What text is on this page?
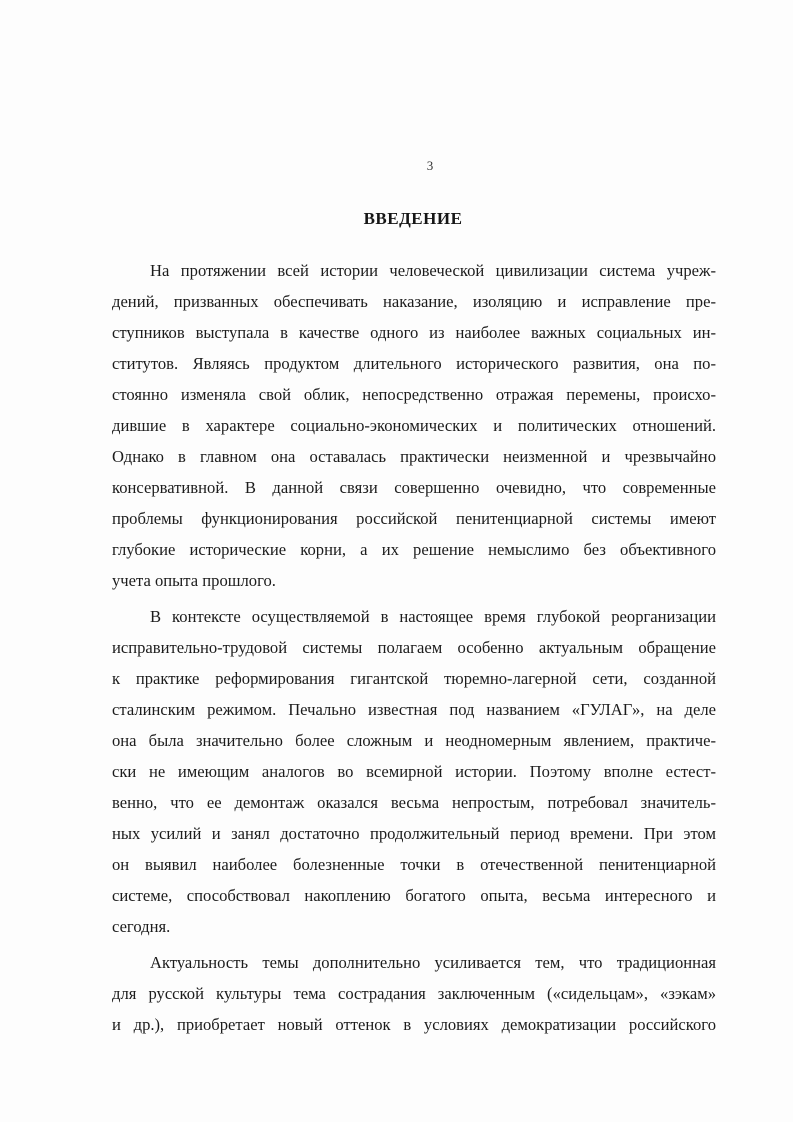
3
ВВЕДЕНИЕ
На протяжении всей истории человеческой цивилизации система учреж-
дений, призванных обеспечивать наказание, изоляцию и исправление пре-
ступников выступала в качестве одного из наиболее важных социальных ин-
ститутов. Являясь продуктом длительного исторического развития, она по-
стоянно изменяла свой облик, непосредственно отражая перемены, происхо-
дившие в характере социально-экономических и политических отношений.
Однако в главном она оставалась практически неизменной и чрезвычайно
консервативной. В данной связи совершенно очевидно, что современные
проблемы функционирования российской пенитенциарной системы имеют
глубокие исторические корни, а их решение немыслимо без объективного
учета опыта прошлого.
В контексте осуществляемой в настоящее время глубокой реорганизации
исправительно-трудовой системы полагаем особенно актуальным обращение
к практике реформирования гигантской тюремно-лагерной сети, созданной
сталинским режимом. Печально известная под названием «ГУЛАГ», на деле
она была значительно более сложным и неодномерным явлением, практиче-
ски не имеющим аналогов во всемирной истории. Поэтому вполне естест-
венно, что ее демонтаж оказался весьма непростым, потребовал значитель-
ных усилий и занял достаточно продолжительный период времени. При этом
он выявил наиболее болезненные точки в отечественной пенитенциарной
системе, способствовал накоплению богатого опыта, весьма интересного и
сегодня.
Актуальность темы дополнительно усиливается тем, что традиционная
для русской культуры тема сострадания заключенным («сидельцам», «зэкам»
и др.), приобретает новый оттенок в условиях демократизации российского
